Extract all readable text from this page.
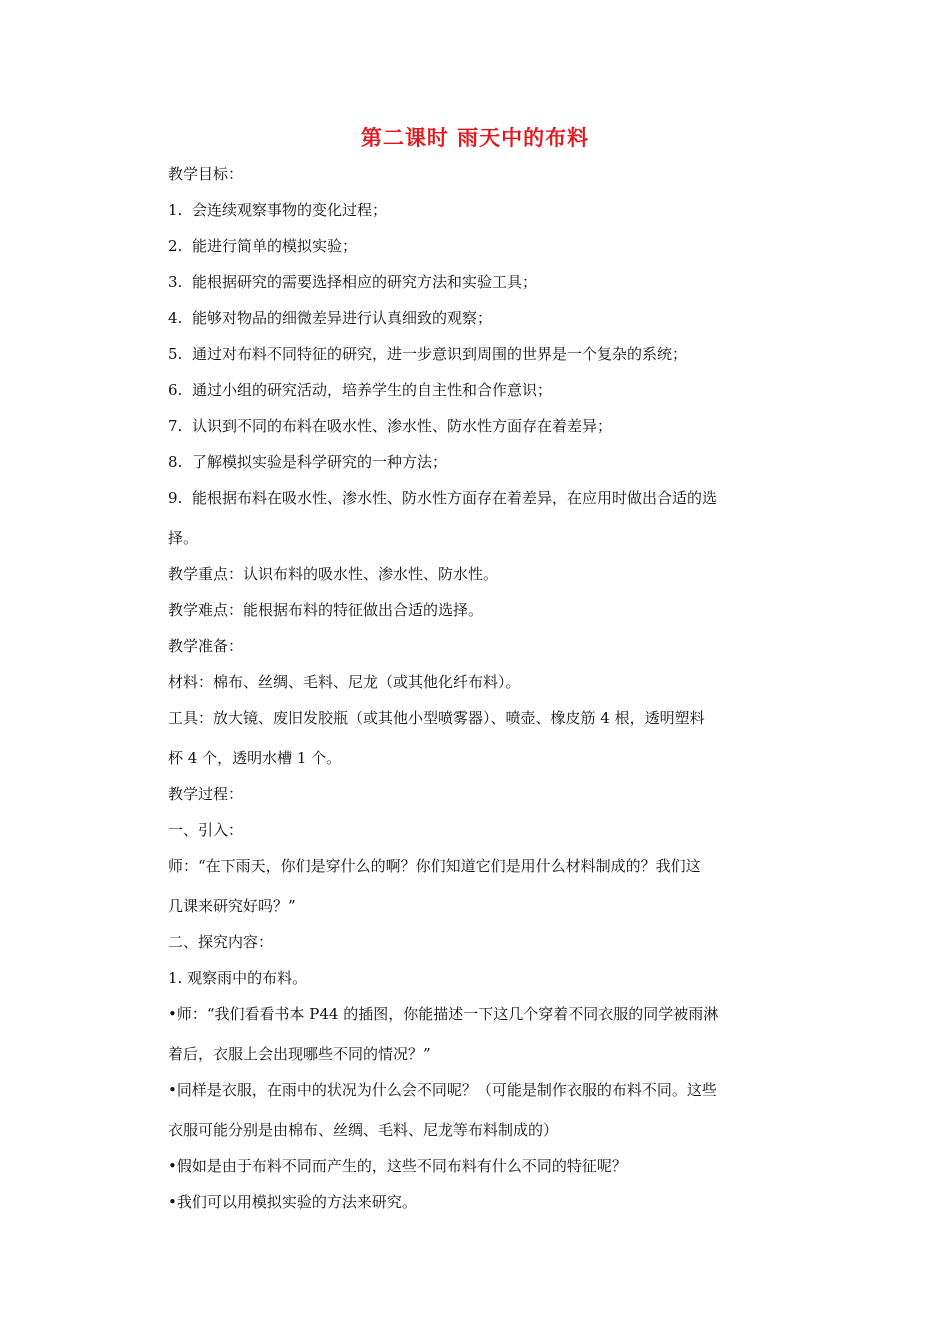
第二课时 雨天中的布料
教学目标：
1. 会连续观察事物的变化过程；
2. 能进行简单的模拟实验；
3. 能根据研究的需要选择相应的研究方法和实验工具；
4. 能够对物品的细微差异进行认真细致的观察；
5. 通过对布料不同特征的研究，进一步意识到周围的世界是一个复杂的系统；
6. 通过小组的研究活动，培养学生的自主性和合作意识；
7. 认识到不同的布料在吸水性、渗水性、防水性方面存在着差异；
8. 了解模拟实验是科学研究的一种方法；
9. 能根据布料在吸水性、渗水性、防水性方面存在着差异，在应用时做出合适的选
择。
教学重点：认识布料的吸水性、渗水性、防水性。
教学难点：能根据布料的特征做出合适的选择。
教学准备：
材料：棉布、丝绸、毛料、尼龙（或其他化纤布料）。
工具：放大镜、废旧发胶瓶（或其他小型喷雾器）、喷壶、橡皮筋 4 根，透明塑料
杯 4 个，透明水槽 1 个。
教学过程：
一、引入：
师：“在下雨天，你们是穿什么的啊？你们知道它们是用什么材料制成的？我们这
几课来研究好吗？”
二、探究内容：
1. 观察雨中的布料。
•师：“我们看看书本 P44 的插图，你能描述一下这几个穿着不同衣服的同学被雨淋
着后，衣服上会出现哪些不同的情况？”
•同样是衣服，在雨中的状况为什么会不同呢？（可能是制作衣服的布料不同。这些
衣服可能分别是由棉布、丝绸、毛料、尼龙等布料制成的）
•假如是由于布料不同而产生的，这些不同布料有什么不同的特征呢？
•我们可以用模拟实验的方法来研究。
